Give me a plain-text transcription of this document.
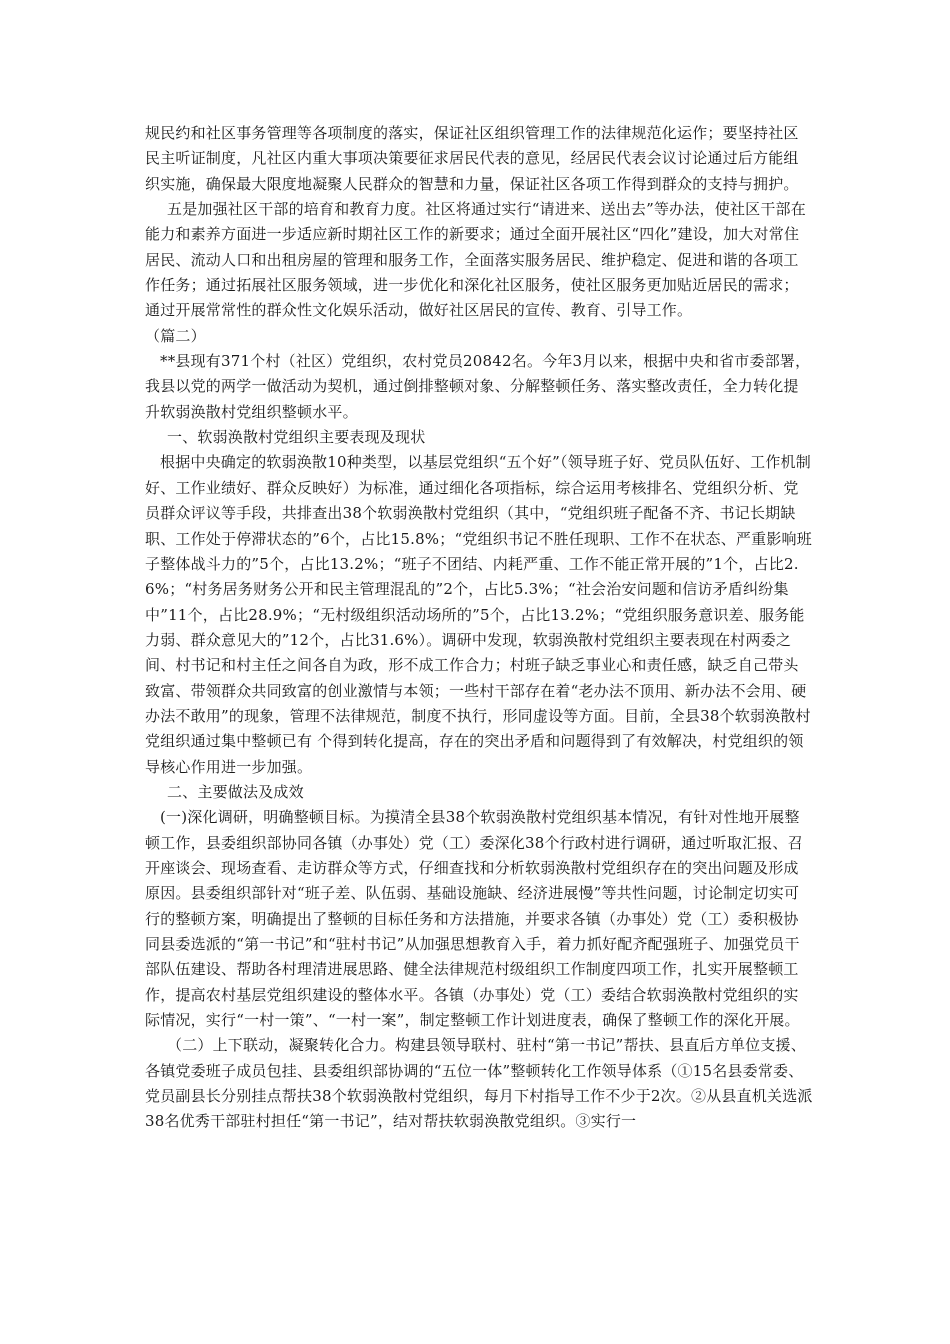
规民约和社区事务管理等各项制度的落实，保证社区组织管理工作的法律规范化运作；要坚持社区民主听证制度，凡社区内重大事项决策要征求居民代表的意见，经居民代表会议讨论通过后方能组织实施，确保最大限度地凝聚人民群众的智慧和力量，保证社区各项工作得到群众的支持与拥护。

五是加强社区干部的培育和教育力度。社区将通过实行“请进来、送出去”等办法，使社区干部在能力和素养方面进一步适应新时期社区工作的新要求；通过全面开展社区“四化”建设，加大对常住居民、流动人口和出租房屋的管理和服务工作，全面落实服务居民、维护稳定、促进和谐的各项工作任务；通过拓展社区服务领域，进一步优化和深化社区服务，使社区服务更加贴近居民的需求；通过开展常常性的群众性文化娱乐活动，做好社区居民的宣传、教育、引导工作。

（篇二）

**县现有371个村（社区）党组织，农村党员20842名。今年3月以来，根据中央和省市委部署，我县以党的两学一做活动为契机，通过倒排整顿对象、分解整顿任务、落实整改责任，全力转化提升软弱涣散村党组织整顿水平。

一、软弱涣散村党组织主要表现及现状

根据中央确定的软弱涣散10种类型，以基层党组织“五个好”（领导班子好、党员队伍好、工作机制好、工作业绩好、群众反映好）为标准，通过细化各项指标，综合运用考核排名、党组织分析、党员群众评议等手段，共排查出38个软弱涣散村党组织（其中，“党组织班子配备不齐、书记长期缺职、工作处于停滞状态的”6个，占比15.8%；“党组织书记不胜任现职、工作不在状态、严重影响班子整体战斗力的”5个，占比13.2%；“班子不团结、内耗严重、工作不能正常开展的”1个，占比2.6%；“村务居务财务公开和民主管理混乱的”2个，占比5.3%；“社会治安问题和信访矛盾纠纷集中”11个，占比28.9%；“无村级组织活动场所的”5个，占比13.2%；“党组织服务意识差、服务能力弱、群众意见大的”12个，占比31.6%）。调研中发现，软弱涣散村党组织主要表现在村两委之间、村书记和村主任之间各自为政，形不成工作合力；村班子缺乏事业心和责任感，缺乏自己带头致富、带领群众共同致富的创业激情与本领；一些村干部存在着“老办法不顶用、新办法不会用、硬办法不敢用”的现象，管理不法律规范，制度不执行，形同虚设等方面。目前，全县38个软弱涣散村党组织通过集中整顿已有 个得到转化提高，存在的突出矛盾和问题得到了有效解决，村党组织的领导核心作用进一步加强。

二、主要做法及成效

(一)深化调研，明确整顿目标。为摸清全县38个软弱涣散村党组织基本情况，有针对性地开展整顿工作，县委组织部协同各镇（办事处）党（工）委深化38个行政村进行调研，通过听取汇报、召开座谈会、现场查看、走访群众等方式，仔细查找和分析软弱涣散村党组织存在的突出问题及形成原因。县委组织部针对“班子差、队伍弱、基础设施缺、经济进展慢”等共性问题，讨论制定切实可行的整顿方案，明确提出了整顿的目标任务和方法措施，并要求各镇（办事处）党（工）委积极协同县委选派的“第一书记”和“驻村书记”从加强思想教育入手，着力抓好配齐配强班子、加强党员干部队伍建设、帮助各村理清进展思路、健全法律规范村级组织工作制度四项工作，扎实开展整顿工作，提高农村基层党组织建设的整体水平。各镇（办事处）党（工）委结合软弱涣散村党组织的实际情况，实行“一村一策”、“一村一案”，制定整顿工作计划进度表，确保了整顿工作的深化开展。

（二）上下联动，凝聚转化合力。构建县领导联村、驻村“第一书记”帮扶、县直后方单位支援、各镇党委班子成员包挂、县委组织部协调的“五位一体”整顿转化工作领导体系（①15名县委常委、党员副县长分别挂点帮扶38个软弱涣散村党组织，每月下村指导工作不少于2次。②从县直机关选派38名优秀干部驻村担任“第一书记”，结对帮扶软弱涣散党组织。③实行一
